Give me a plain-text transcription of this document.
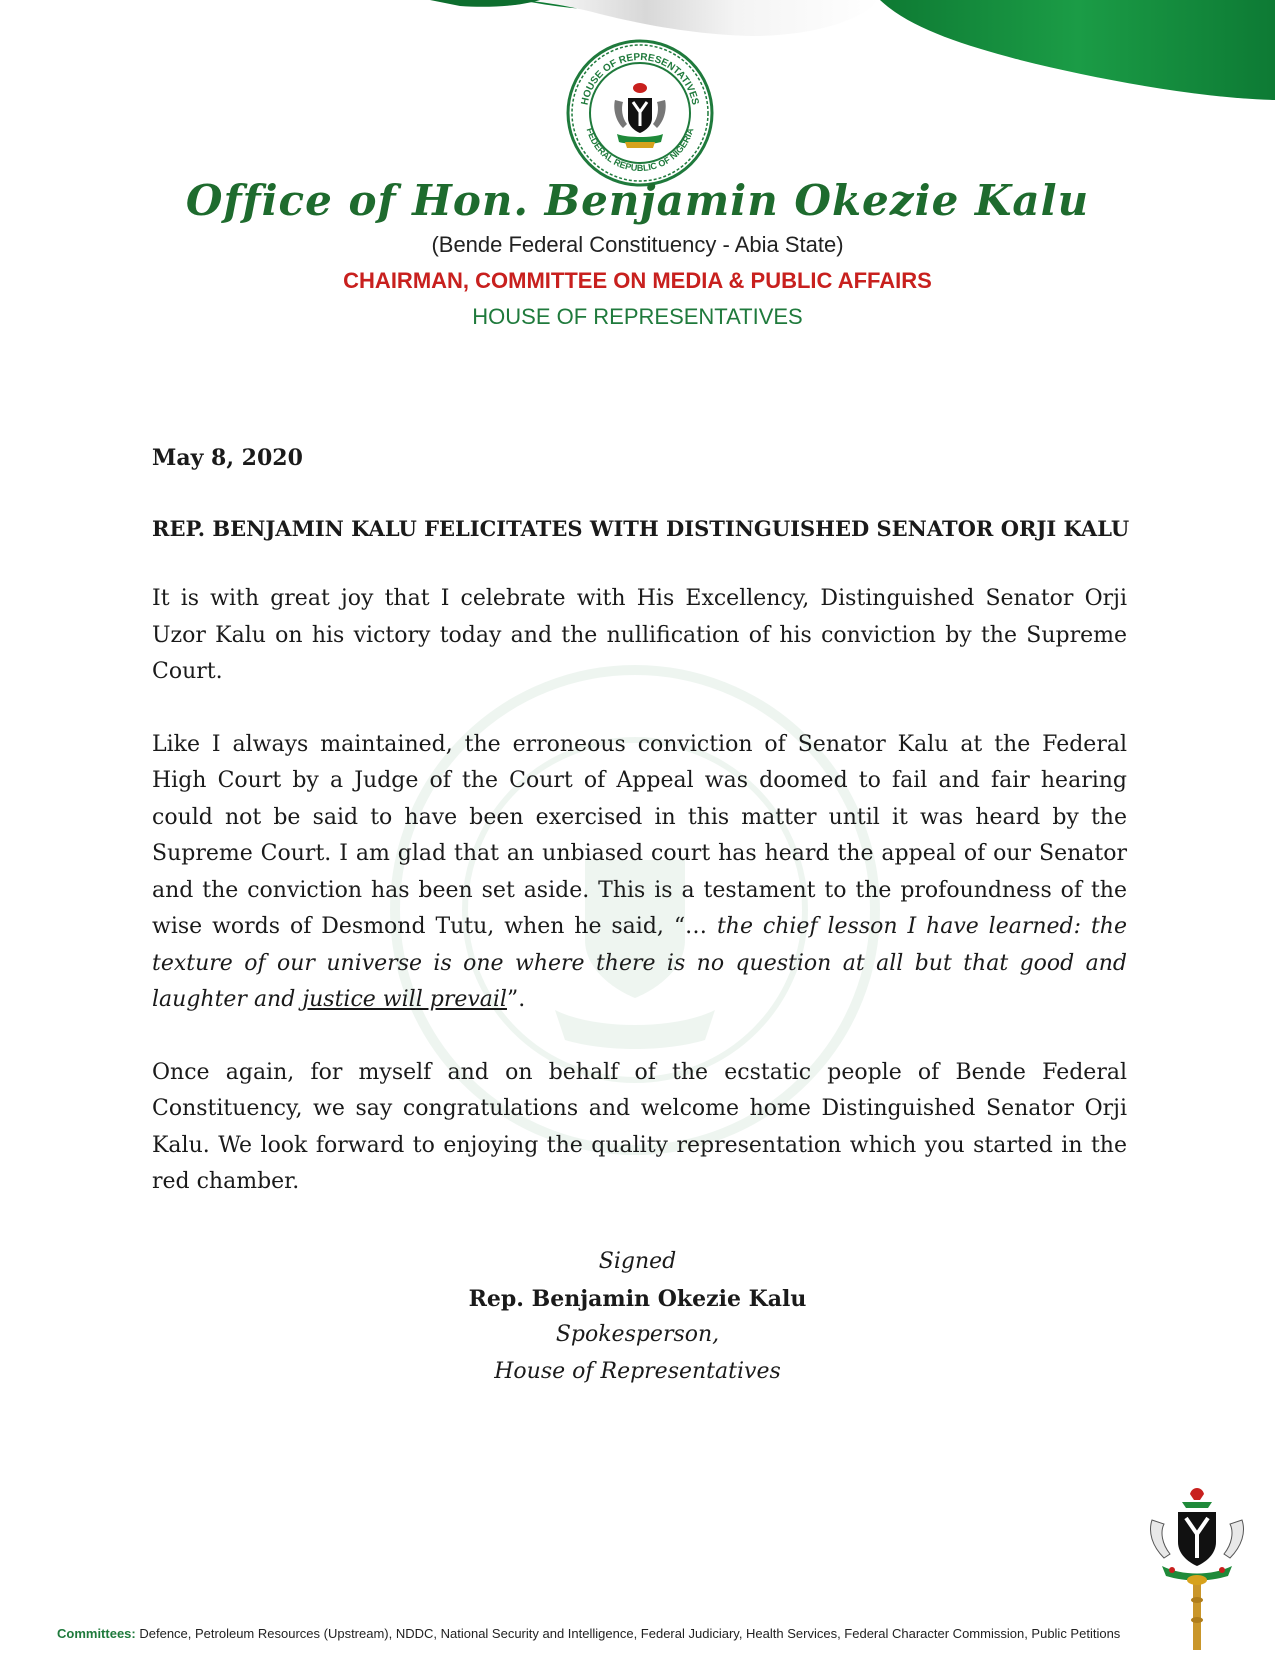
HOUSE OF REPRESENTATIVES
FEDERAL REPUBLIC OF NIGERIA
Office of Hon. Benjamin Okezie Kalu
(Bende Federal Constituency - Abia State)
CHAIRMAN, COMMITTEE ON MEDIA & PUBLIC AFFAIRS
HOUSE OF REPRESENTATIVES
May 8, 2020
REP. BENJAMIN KALU FELICITATES WITH DISTINGUISHED SENATOR ORJI KALU

It is with great joy that I celebrate with His Excellency, Distinguished Senator Orji Uzor Kalu on his victory today and the nullification of his conviction by the Supreme Court.

Like I always maintained, the erroneous conviction of Senator Kalu at the Federal High Court by a Judge of the Court of Appeal was doomed to fail and fair hearing could not be said to have been exercised in this matter until it was heard by the Supreme Court. I am glad that an unbiased court has heard the appeal of our Senator and the conviction has been set aside. This is a testament to the profoundness of the wise words of Desmond Tutu, when he said, “… the chief lesson I have learned: the texture of our universe is one where there is no question at all but that good and laughter and justice will prevail”.

Once again, for myself and on behalf of the ecstatic people of Bende Federal Constituency, we say congratulations and welcome home Distinguished Senator Orji Kalu. We look forward to enjoying the quality representation which you started in the red chamber.

Signed
Rep. Benjamin Okezie Kalu
Spokesperson,
House of Representatives
Committees: Defence, Petroleum Resources (Upstream), NDDC, National Security and Intelligence, Federal Judiciary, Health Services, Federal Character Commission, Public Petitions
